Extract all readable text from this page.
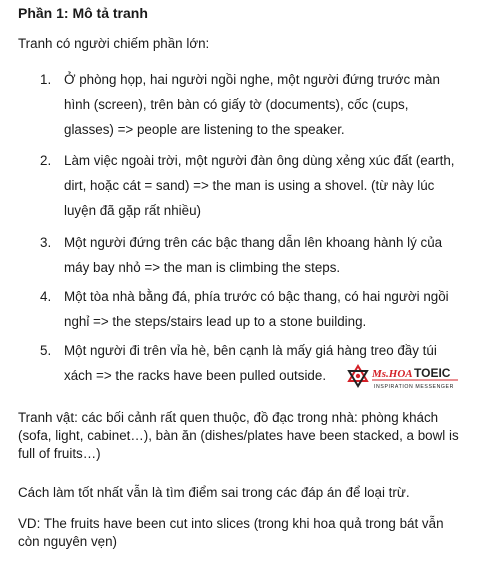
Phần 1: Mô tả tranh
Tranh có người chiếm phần lớn:
1. Ở phòng họp, hai người ngồi nghe, một người đứng trước màn hình (screen), trên bàn có giấy tờ (documents), cốc (cups, glasses) => people are listening to the speaker.
2. Làm việc ngoài trời, một người đàn ông dùng xẻng xúc đất (earth, dirt, hoặc cát = sand) => the man is using a shovel. (từ này lúc luyện đã gặp rất nhiều)
3. Một người đứng trên các bậc thang dẫn lên khoang hành lý của máy bay nhỏ => the man is climbing the steps.
4. Một tòa nhà bằng đá, phía trước có bậc thang, có hai người ngồi nghỉ => the steps/stairs lead up to a stone building.
5. Một người đi trên vỉa hè, bên cạnh là mấy giá hàng treo đầy túi xách => the racks have been pulled outside.	Ms.HOA TOEIC
INSPIRATION MESSENGER
Tranh vật: các bối cảnh rất quen thuộc, đồ đạc trong nhà: phòng khách (sofa, light, cabinet…), bàn ăn (dishes/plates have been stacked, a bowl is full of fruits…)
Cách làm tốt nhất vẫn là tìm điểm sai trong các đáp án để loại trừ.
VD: The fruits have been cut into slices (trong khi hoa quả trong bát vẫn còn nguyên vẹn)
